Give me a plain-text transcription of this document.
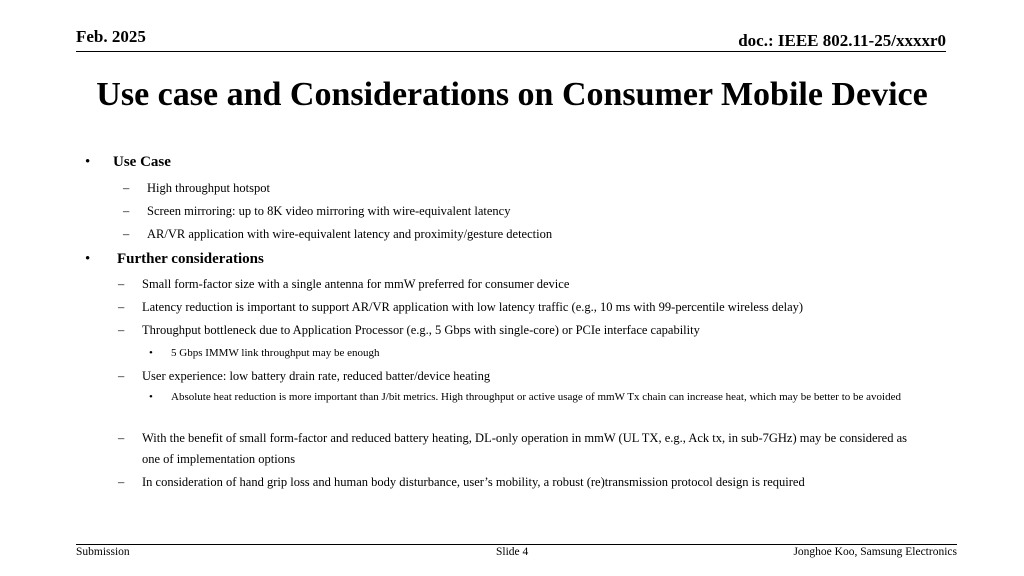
Feb. 2025	doc.: IEEE 802.11-25/xxxxr0
Use case and Considerations on Consumer Mobile Device
• Use Case
– High throughput hotspot
– Screen mirroring: up to 8K video mirroring with wire-equivalent latency
– AR/VR application with wire-equivalent latency and proximity/gesture detection
• Further considerations
– Small form-factor size with a single antenna for mmW preferred for consumer device
– Latency reduction is important to support AR/VR application with low latency traffic (e.g., 10 ms with 99-percentile wireless delay)
– Throughput bottleneck due to Application Processor (e.g., 5 Gbps with single-core) or PCIe interface capability
• 5 Gbps IMMW link throughput may be enough
– User experience: low battery drain rate, reduced batter/device heating
• Absolute heat reduction is more important than J/bit metrics. High throughput or active usage of mmW Tx chain can increase heat, which may be better to be avoided
– With the benefit of small form-factor and reduced battery heating, DL-only operation in mmW (UL TX, e.g., Ack tx, in sub-7GHz) may be considered as one of implementation options
– In consideration of hand grip loss and human body disturbance, user’s mobility, a robust (re)transmission protocol design is required
Submission	Slide 4	Jonghoe Koo, Samsung Electronics
